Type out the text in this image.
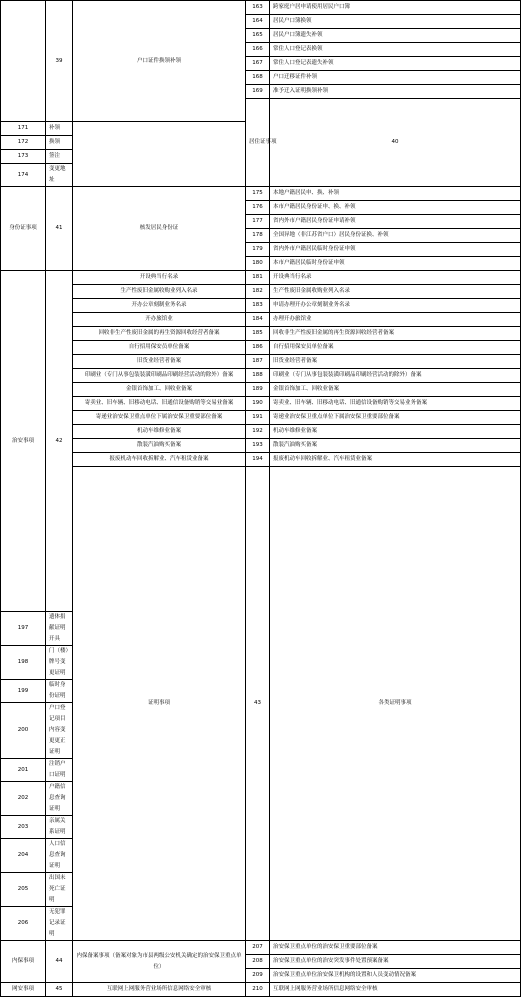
	39	户口证件换领补领	163	跨家庭户居申请使用居民户口簿	
			164	居民户口簿换领	
			165	居民户口簿遗失补领	
			166	常住人口登记表换领	
			167	常住人口登记表遗失补领	
			168	户口迁移证件补领	
			169	准予迁入证明换领补领	
			居住证事项	40			
171	补领				
172	换领				
173	签注				
174	变更地址				
身份证事项	41	核发居民身份证	175	本地户籍居民申、换、补领	
			176	本市户籍居民身份证申、换、补领	
			177	省内外市户籍居民身份证申请补领	
			178	全国异地（非江苏省户口）居民身份证换、补领	
			179	省内外市户籍居民临时身份证申领	
			180	本市户籍居民临时身份证申领	
治安事项	42	开设典当行名录	181	开设典当行名录	
		生产性废旧金属收购业列入名录	182	生产性废旧金属收购业列入名录	
		开办公章刻制业务名录	183	申请办理开办公章刻制业务名录	
		开办旅馆业	184	办理开办旅馆业	
		回收非生产性废旧金属的再生资源回收经营者备案	185	回收非生产性废旧金属的再生资源回收经营者备案	
		自行招用保安员单位备案	186	自行招用保安员单位备案	
		旧货业经营者备案	187	旧货业经营者备案	
		印刷业（专门从事包装装潢印刷品印刷经营活动的除外）备案	188	印刷业（专门从事包装装潢印刷品印刷经营活动的除外）备案	
		金银首饰加工、回收业备案	189	金银首饰加工、回收业备案	
		寄卖业、旧车辆、旧移动电话、旧通信设备购销等交易业备案	190	寄卖业、旧车辆、旧移动电话、旧通信设备购销等交易业务备案	
		寄递业治安保卫重点单位下属治安保卫重要部位备案	191	寄递业治安保卫重点单位下属治安保卫重要部位备案	
		机动车维修业备案	192	机动车维修业备案	
		散装汽油购买备案	193	散装汽油购买备案	
		报废机动车回收拆解业、汽车租赁业备案	194	报废机动车回收拆解业、汽车租赁业备案	
		证明事项	43	各类证明事项		

197	遗体捐献证明开具				
198	门（楼）牌号变更证明				
199	临时身份证明				
200	户口登记项目内容变更更正证明				
201	注销户口证明				
202	户籍信息查询证明				
203	亲属关系证明				
204	人口信息查询证明				
205	出国未死亡证明				
206	无犯罪记录证明				
内保事项	44	内保备案事项（备案对象为市县两级公安机关确定的治安保卫重点单位）	207	治安保卫重点单位的治安保卫重要部位备案	
			208	治安保卫重点单位的治安突发事件处置预案备案	
			209	治安保卫重点单位治安保卫机构的设置和人员变动情况备案	
网安事项	45	互联网上网服务营业场所信息网络安全审核	210	互联网上网服务营业场所信息网络安全审核	
